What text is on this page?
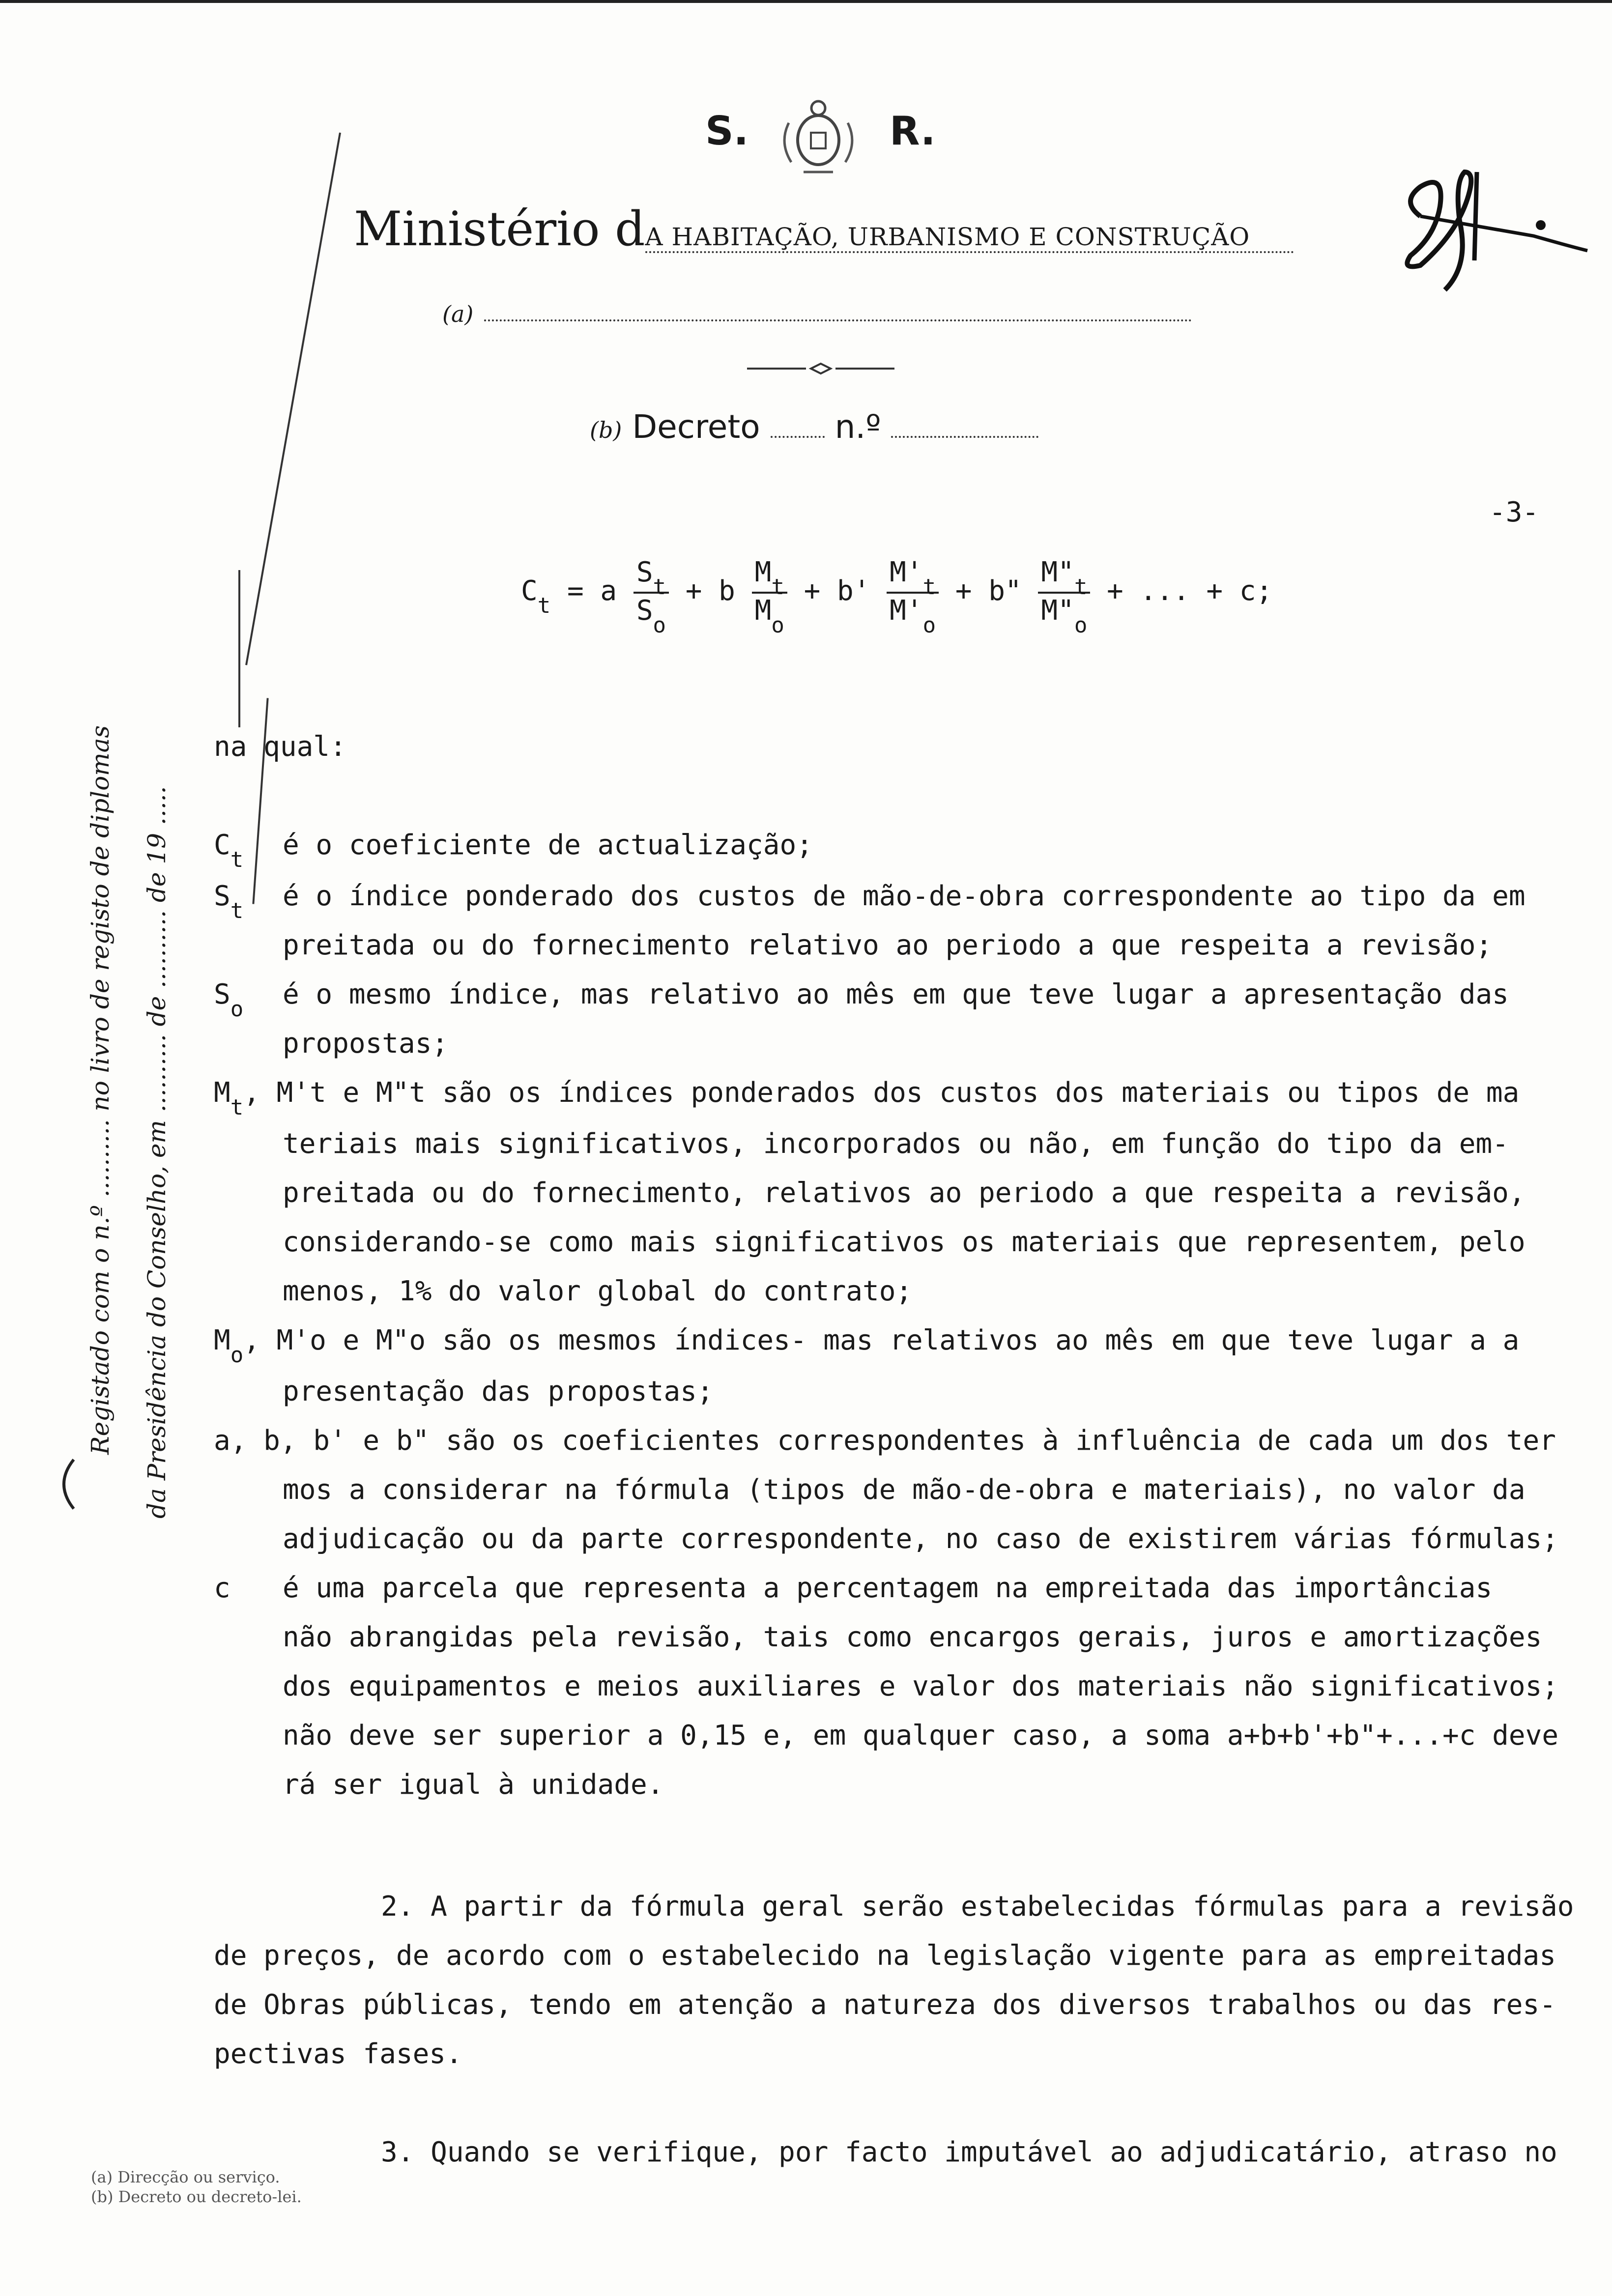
S.	R.
Ministério dA HABITAÇÃO, URBANISMO E CONSTRUÇÃO
(a)
(b) Decreto n.º
-3-
$C_t = a \frac{S_t}{S_o} + b \frac{M_t}{M_o} + b' \frac{M'_t}{M'_o} + b$" $\frac{M"_t}{M"_o}$ + ... + c;
na qual:
$C_t$	é o coeficiente de actualização;
$S_t$	é o índice ponderado dos custos de mão-de-obra correspondente ao tipo da em
preitada ou do fornecimento relativo ao periodo a que respeita a revisão;
$S_o$	é o mesmo índice, mas relativo ao mês em que teve lugar a apresentação das
propostas;
$M_t$, M't e M"t são os índices ponderados dos custos dos materiais ou tipos de ma
teriais mais significativos, incorporados ou não, em função do tipo da em-
preitada ou do fornecimento, relativos ao periodo a que respeita a revisão,
considerando-se como mais significativos os materiais que representem, pelo
menos, 1% do valor global do contrato;
$M_o$, M'o e M"o são os mesmos índices- mas relativos ao mês em que teve lugar a a
presentação das propostas;
a, b, b' e b" são os coeficientes correspondentes à influência de cada um dos ter
mos a considerar na fórmula (tipos de mão-de-obra e materiais), no valor da
adjudicação ou da parte correspondente, no caso de existirem várias fórmulas;
c	é uma parcela que representa a percentagem na empreitada das importâncias
não abrangidas pela revisão, tais como encargos gerais, juros e amortizações
dos equipamentos e meios auxiliares e valor dos materiais não significativos;
não deve ser superior a 0,15 e, em qualquer caso, a soma a+b+b'+b"+...+c deve
rá ser igual à unidade.
2. A partir da fórmula geral serão estabelecidas fórmulas para a revisão
de preços, de acordo com o estabelecido na legislação vigente para as empreitadas
de Obras públicas, tendo em atenção a natureza dos diversos trabalhos ou das res-
pectivas fases.
3. Quando se verifique, por facto imputável ao adjudicatário, atraso no
Registado com o n.º .......... no livro de registo de diplomas da Presidência do Conselho, em .......... de .......... de 19 .....
(a) Direcção ou serviço.
(b) Decreto ou decreto-lei.
